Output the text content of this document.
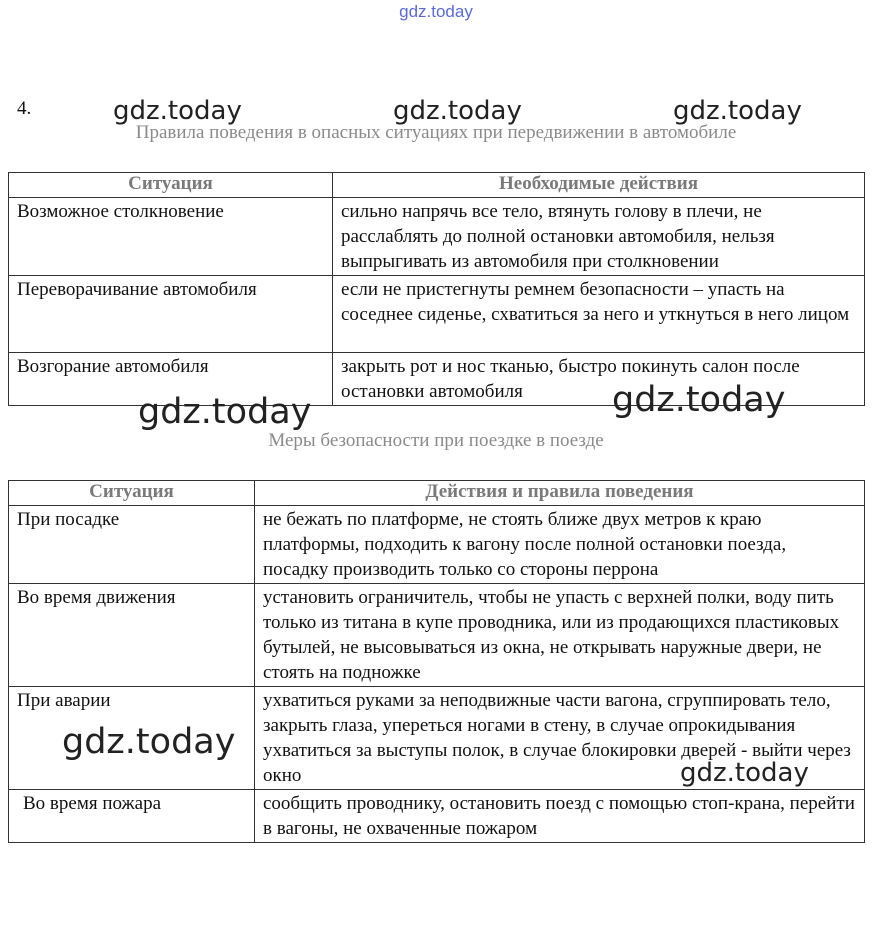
gdz.today
4.
Правила поведения в опасных ситуациях при передвижении в автомобиле
Ситуация	Необходимые действия
Возможное столкновение	сильно напрячь все тело, втянуть голову в плечи, не расслаблять до полной остановки автомобиля, нельзя выпрыгивать из автомобиля при столкновении
Переворачивание автомобиля	если не пристегнуты ремнем безопасности – упасть на соседнее сиденье, схватиться за него и уткнуться в него лицом
Возгорание автомобиля	закрыть рот и нос тканью, быстро покинуть салон после остановки автомобиля
Меры безопасности при поездке в поезде
Ситуация	Действия и правила поведения
При посадке	не бежать по платформе, не стоять ближе двух метров к краю платформы, подходить к вагону после полной остановки поезда, посадку производить только со стороны перрона
Во время движения	установить ограничитель, чтобы не упасть с верхней полки, воду пить только из титана в купе проводника, или из продающихся пластиковых бутылей, не высовываться из окна, не открывать наружные двери, не стоять на подножке
При аварии	ухватиться руками за неподвижные части вагона, сгруппировать тело, закрыть глаза, упереться ногами в стену, в случае опрокидывания ухватиться за выступы полок, в случае блокировки дверей - выйти через окно
Во время пожара	сообщить проводнику, остановить поезд с помощью стоп-крана, перейти в вагоны, не охваченные пожаром
gdz.today	gdz.today	gdz.today
gdz.today	gdz.today
gdz.today
gdz.today
